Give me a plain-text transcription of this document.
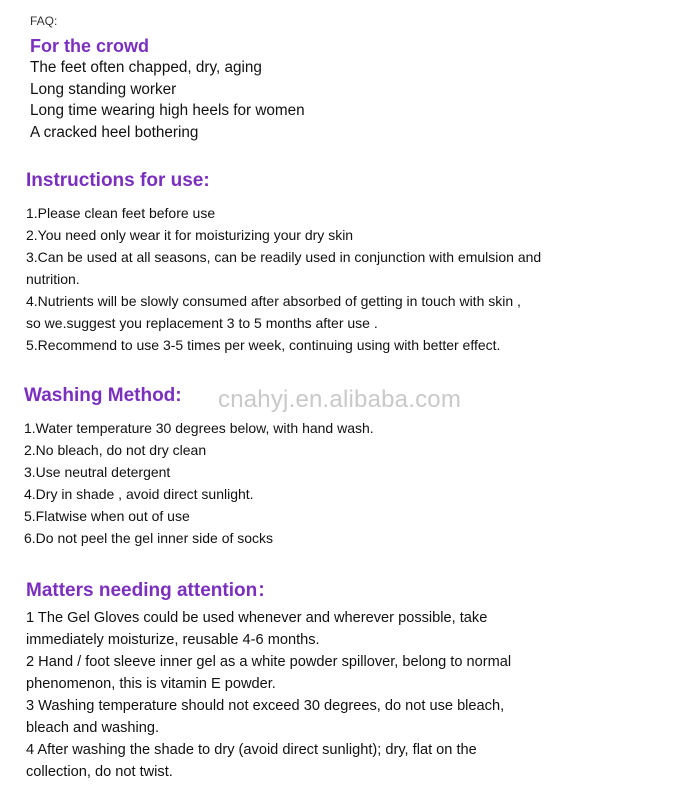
FAQ:
For the crowd
The feet often chapped, dry, aging
Long standing worker
Long time wearing high heels for women
A cracked heel bothering
Instructions for use:
1.Please clean feet before use
2.You need only wear it for moisturizing your dry skin
3.Can be used at all seasons, can be readily used in conjunction with emulsion and
nutrition.
4.Nutrients will be slowly consumed after absorbed of getting in touch with skin ,
so we.suggest you replacement 3 to 5 months after use .
5.Recommend to use 3-5 times per week, continuing using with better effect.
Washing Method: cnahyj.en.alibaba.com
1.Water temperature 30 degrees below, with hand wash.
2.No bleach, do not dry clean
3.Use neutral detergent
4.Dry in shade , avoid direct sunlight.
5.Flatwise when out of use
6.Do not peel the gel inner side of socks
Matters needing attention：
1 The Gel Gloves could be used whenever and wherever possible, take
immediately moisturize, reusable 4-6 months.
2 Hand / foot sleeve inner gel as a white powder spillover, belong to normal
phenomenon, this is vitamin E powder.
3 Washing temperature should not exceed 30 degrees, do not use bleach,
bleach and washing.
4 After washing the shade to dry (avoid direct sunlight); dry, flat on the
collection, do not twist.
